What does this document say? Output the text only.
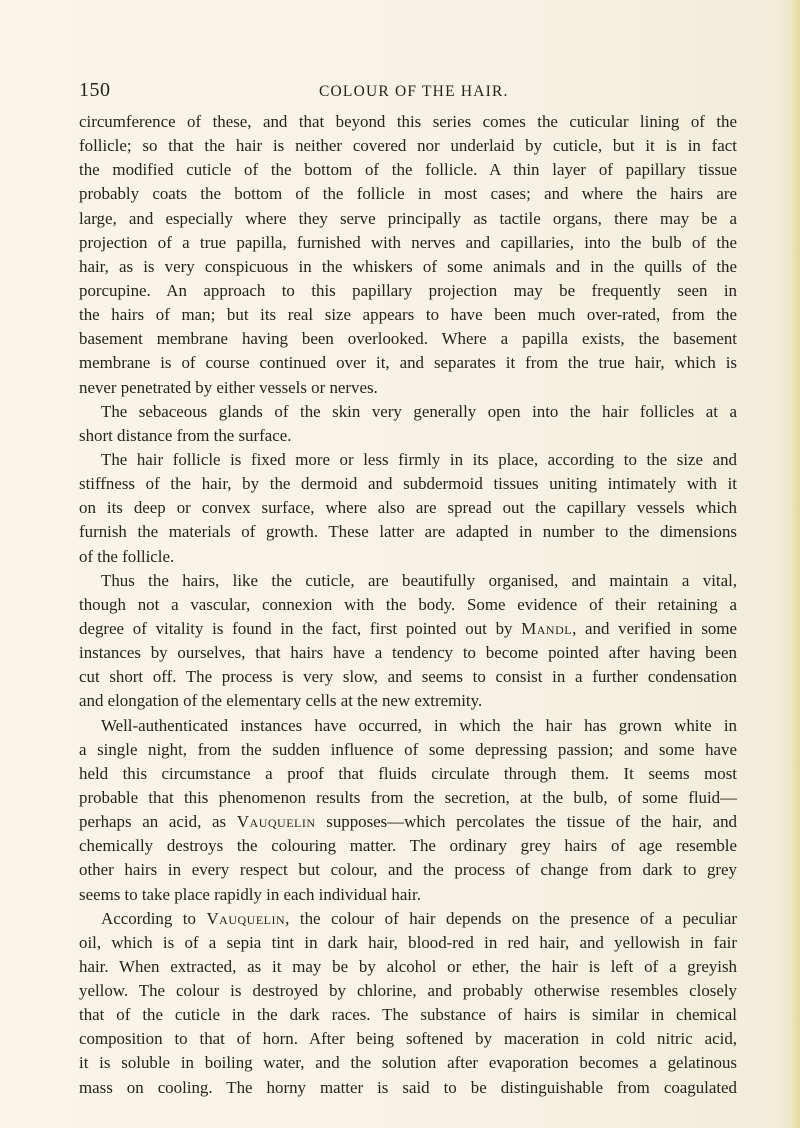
150	COLOUR OF THE HAIR.
circumference of these, and that beyond this series comes the cuticular lining of the
follicle; so that the hair is neither covered nor underlaid by cuticle, but it is in fact
the modified cuticle of the bottom of the follicle. A thin layer of papillary tissue
probably coats the bottom of the follicle in most cases; and where the hairs are
large, and especially where they serve principally as tactile organs, there may be a
projection of a true papilla, furnished with nerves and capillaries, into the bulb of the
hair, as is very conspicuous in the whiskers of some animals and in the quills of the
porcupine. An approach to this papillary projection may be frequently seen in
the hairs of man; but its real size appears to have been much over-rated, from the
basement membrane having been overlooked. Where a papilla exists, the basement
membrane is of course continued over it, and separates it from the true hair, which is
never penetrated by either vessels or nerves.
The sebaceous glands of the skin very generally open into the hair follicles at a
short distance from the surface.
The hair follicle is fixed more or less firmly in its place, according to the size and
stiffness of the hair, by the dermoid and subdermoid tissues uniting intimately with it
on its deep or convex surface, where also are spread out the capillary vessels which
furnish the materials of growth. These latter are adapted in number to the dimensions
of the follicle.
Thus the hairs, like the cuticle, are beautifully organised, and maintain a vital,
though not a vascular, connexion with the body. Some evidence of their retaining a
degree of vitality is found in the fact, first pointed out by Mandl, and verified in some
instances by ourselves, that hairs have a tendency to become pointed after having been
cut short off. The process is very slow, and seems to consist in a further condensation
and elongation of the elementary cells at the new extremity.
Well-authenticated instances have occurred, in which the hair has grown white in
a single night, from the sudden influence of some depressing passion; and some have
held this circumstance a proof that fluids circulate through them. It seems most
probable that this phenomenon results from the secretion, at the bulb, of some fluid—
perhaps an acid, as Vauquelin supposes—which percolates the tissue of the hair, and
chemically destroys the colouring matter. The ordinary grey hairs of age resemble
other hairs in every respect but colour, and the process of change from dark to grey
seems to take place rapidly in each individual hair.
According to Vauquelin, the colour of hair depends on the presence of a peculiar
oil, which is of a sepia tint in dark hair, blood-red in red hair, and yellowish in fair
hair. When extracted, as it may be by alcohol or ether, the hair is left of a greyish
yellow. The colour is destroyed by chlorine, and probably otherwise resembles closely
that of the cuticle in the dark races. The substance of hairs is similar in chemical
composition to that of horn. After being softened by maceration in cold nitric acid,
it is soluble in boiling water, and the solution after evaporation becomes a gelatinous
mass on cooling. The horny matter is said to be distinguishable from coagulated
